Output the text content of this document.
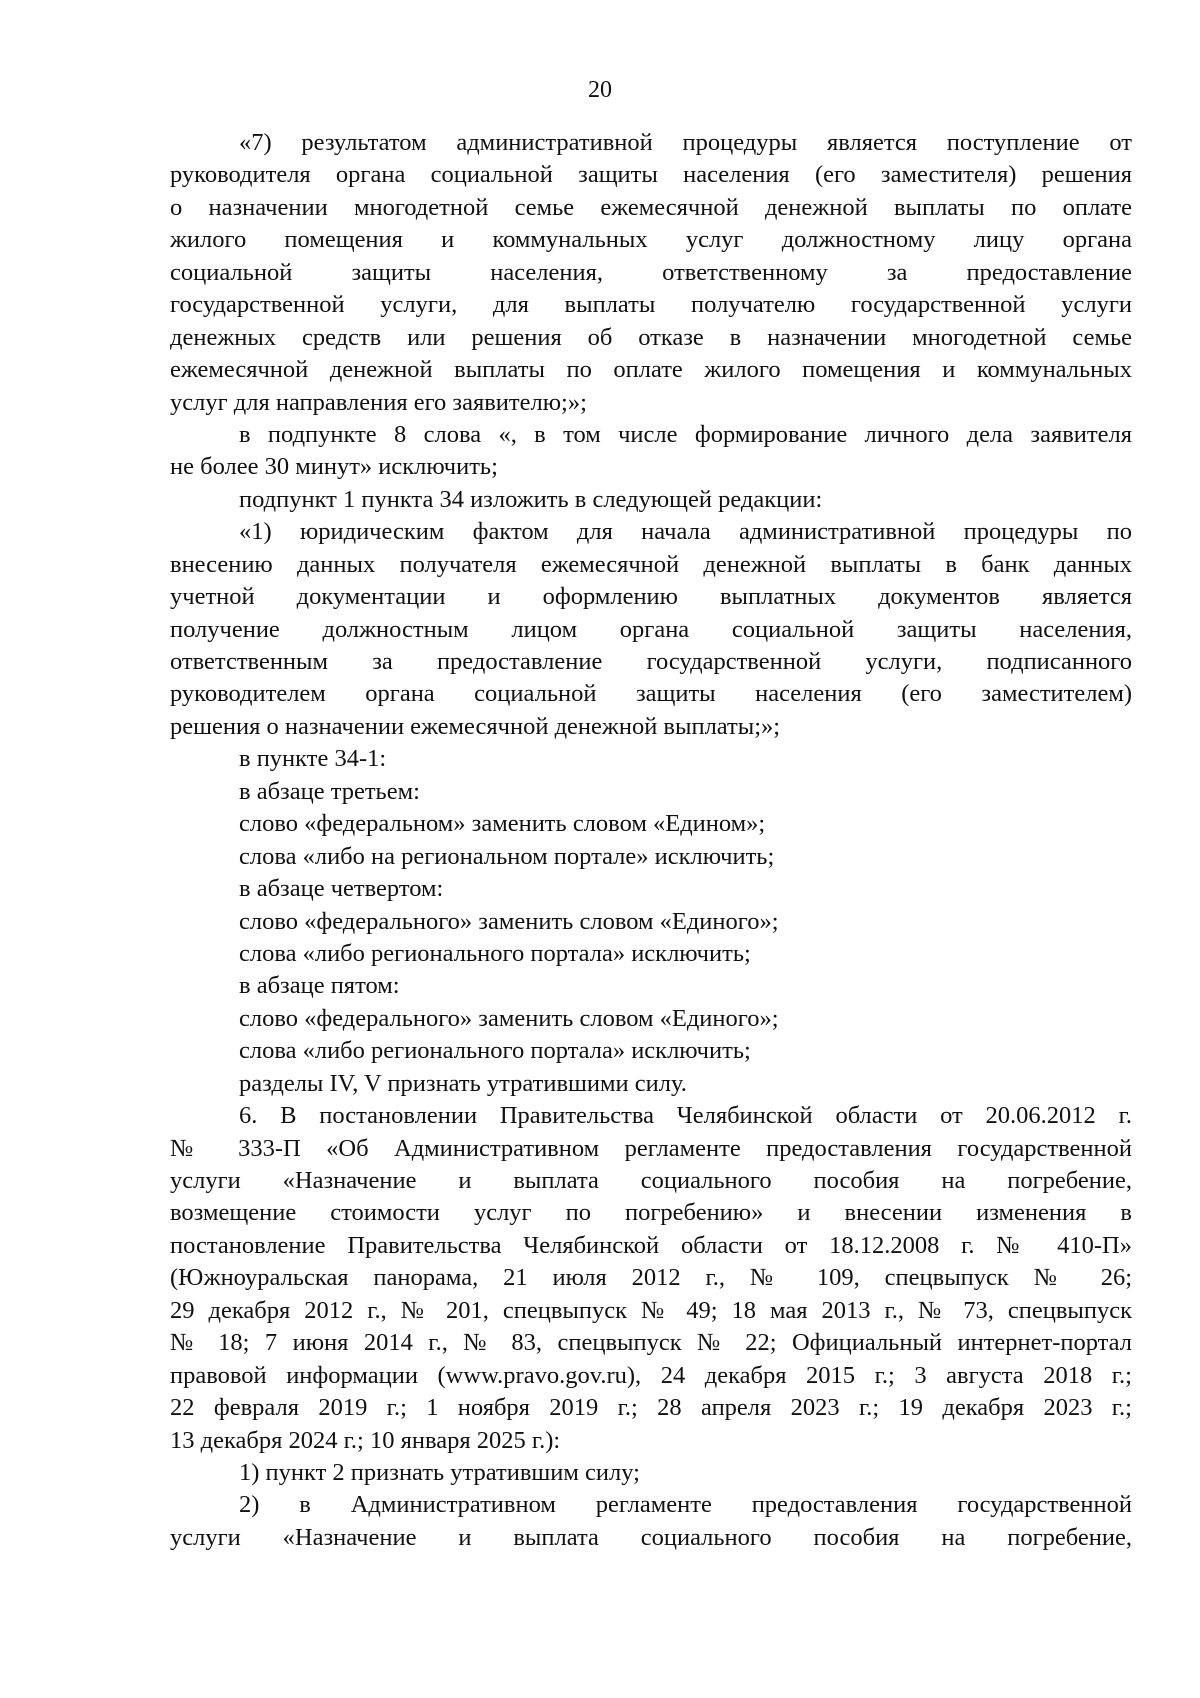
20
«7) результатом административной процедуры является поступление от
руководителя органа социальной защиты населения (его заместителя) решения
о назначении многодетной семье ежемесячной денежной выплаты по оплате
жилого помещения и коммунальных услуг должностному лицу органа
социальной защиты населения, ответственному за предоставление
государственной услуги, для выплаты получателю государственной услуги
денежных средств или решения об отказе в назначении многодетной семье
ежемесячной денежной выплаты по оплате жилого помещения и коммунальных
услуг для направления его заявителю;»;
в подпункте 8 слова «, в том числе формирование личного дела заявителя
не более 30 минут» исключить;
подпункт 1 пункта 34 изложить в следующей редакции:
«1) юридическим фактом для начала административной процедуры по
внесению данных получателя ежемесячной денежной выплаты в банк данных
учетной документации и оформлению выплатных документов является
получение должностным лицом органа социальной защиты населения,
ответственным за предоставление государственной услуги, подписанного
руководителем органа социальной защиты населения (его заместителем)
решения о назначении ежемесячной денежной выплаты;»;
в пункте 34-1:
в абзаце третьем:
слово «федеральном» заменить словом «Едином»;
слова «либо на региональном портале» исключить;
в абзаце четвертом:
слово «федерального» заменить словом «Единого»;
слова «либо регионального портала» исключить;
в абзаце пятом:
слово «федерального» заменить словом «Единого»;
слова «либо регионального портала» исключить;
разделы IV, V признать утратившими силу.
6. В постановлении Правительства Челябинской области от 20.06.2012 г.
№ 333-П «Об Административном регламенте предоставления государственной
услуги «Назначение и выплата социального пособия на погребение,
возмещение стоимости услуг по погребению» и внесении изменения в
постановление Правительства Челябинской области от 18.12.2008 г. № 410-П»
(Южноуральская панорама, 21 июля 2012 г., № 109, спецвыпуск № 26;
29 декабря 2012 г., № 201, спецвыпуск № 49; 18 мая 2013 г., № 73, спецвыпуск
№ 18; 7 июня 2014 г., № 83, спецвыпуск № 22; Официальный интернет-портал
правовой информации (www.pravo.gov.ru), 24 декабря 2015 г.; 3 августа 2018 г.;
22 февраля 2019 г.; 1 ноября 2019 г.; 28 апреля 2023 г.; 19 декабря 2023 г.;
13 декабря 2024 г.; 10 января 2025 г.):
1) пункт 2 признать утратившим силу;
2) в Административном регламенте предоставления государственной
услуги «Назначение и выплата социального пособия на погребение,
